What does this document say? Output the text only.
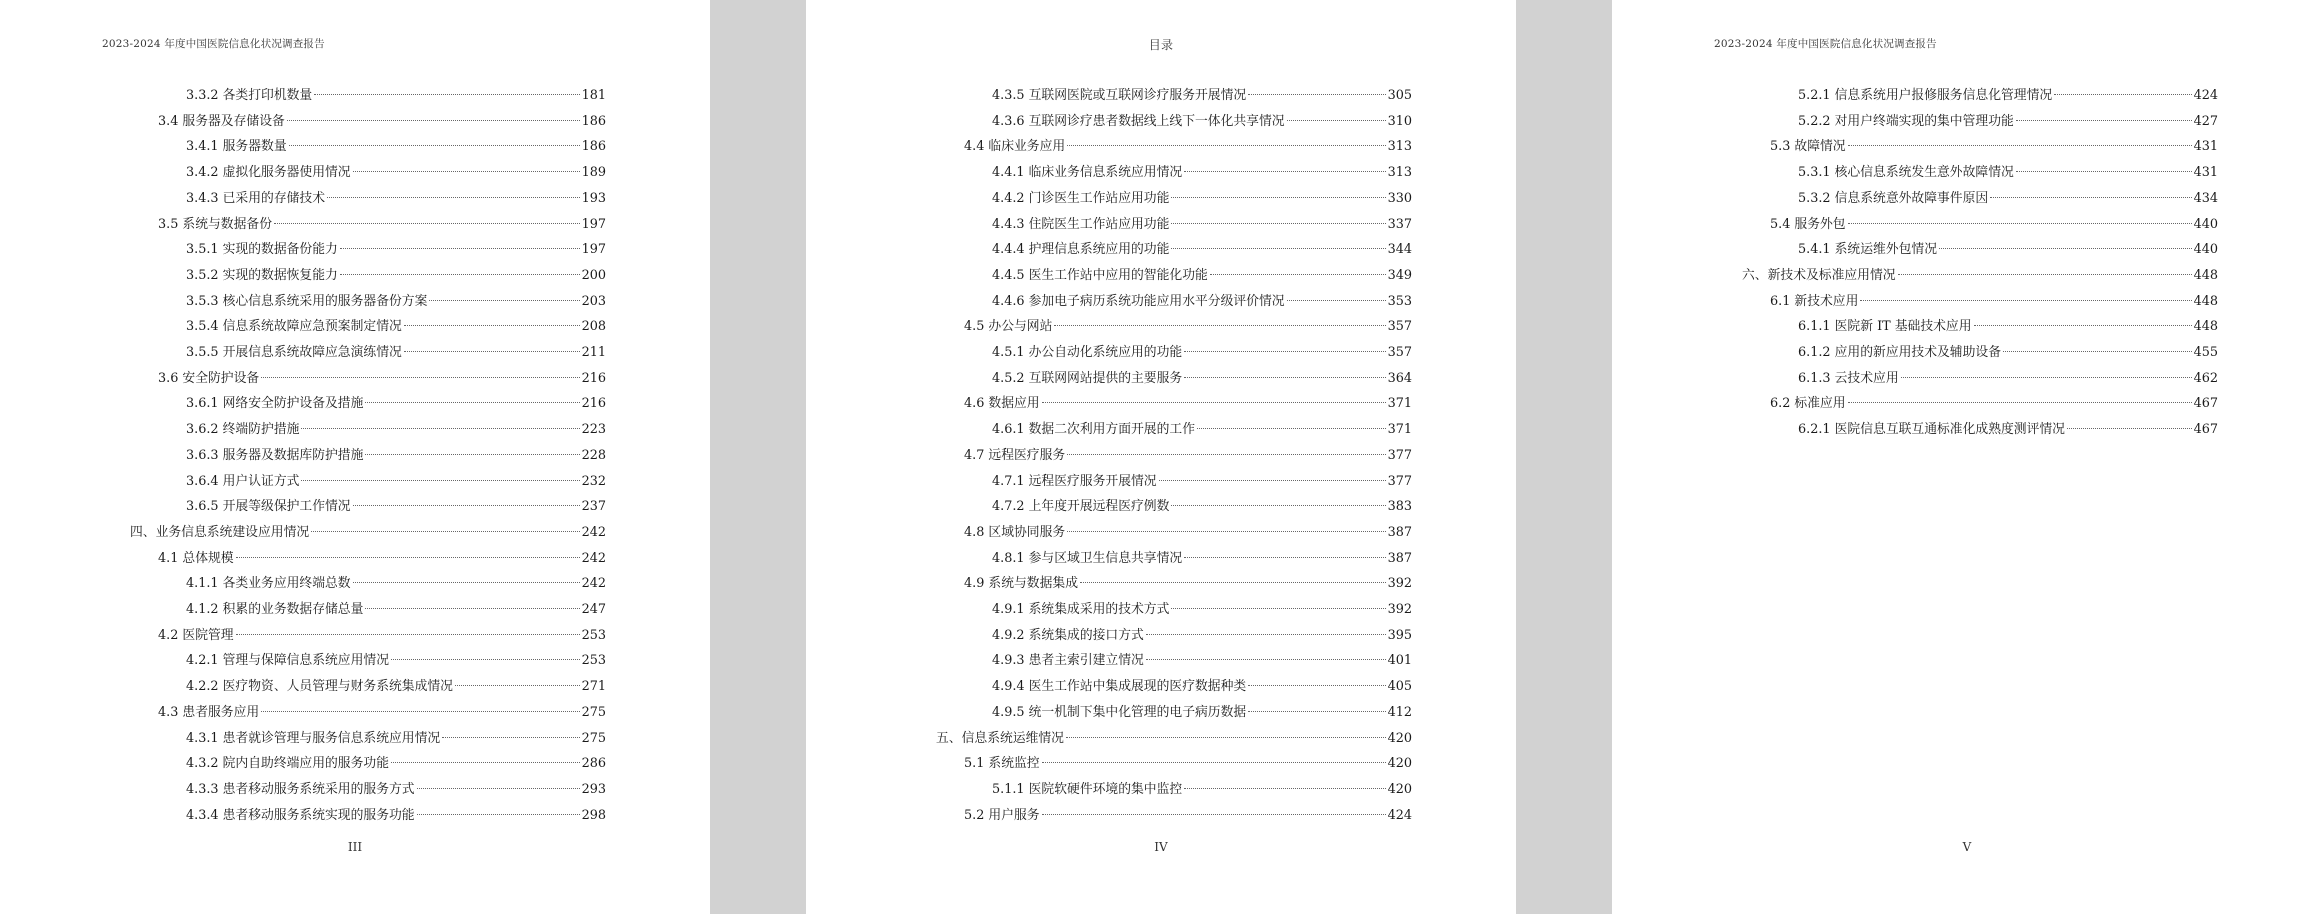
2023-2024 年度中国医院信息化状况调查报告
3.3.2 各类打印机数量	181
3.4 服务器及存储设备	186
3.4.1 服务器数量	186
3.4.2 虚拟化服务器使用情况	189
3.4.3 已采用的存储技术	193
3.5 系统与数据备份	197
3.5.1 实现的数据备份能力	197
3.5.2 实现的数据恢复能力	200
3.5.3 核心信息系统采用的服务器备份方案	203
3.5.4 信息系统故障应急预案制定情况	208
3.5.5 开展信息系统故障应急演练情况	211
3.6 安全防护设备	216
3.6.1 网络安全防护设备及措施	216
3.6.2 终端防护措施	223
3.6.3 服务器及数据库防护措施	228
3.6.4 用户认证方式	232
3.6.5 开展等级保护工作情况	237
四、业务信息系统建设应用情况	242
4.1 总体规模	242
4.1.1 各类业务应用终端总数	242
4.1.2 积累的业务数据存储总量	247
4.2 医院管理	253
4.2.1 管理与保障信息系统应用情况	253
4.2.2 医疗物资、人员管理与财务系统集成情况	271
4.3 患者服务应用	275
4.3.1 患者就诊管理与服务信息系统应用情况	275
4.3.2 院内自助终端应用的服务功能	286
4.3.3 患者移动服务系统采用的服务方式	293
4.3.4 患者移动服务系统实现的服务功能	298
III
目录
4.3.5 互联网医院或互联网诊疗服务开展情况	305
4.3.6 互联网诊疗患者数据线上线下一体化共享情况	310
4.4 临床业务应用	313
4.4.1 临床业务信息系统应用情况	313
4.4.2 门诊医生工作站应用功能	330
4.4.3 住院医生工作站应用功能	337
4.4.4 护理信息系统应用的功能	344
4.4.5 医生工作站中应用的智能化功能	349
4.4.6 参加电子病历系统功能应用水平分级评价情况	353
4.5 办公与网站	357
4.5.1 办公自动化系统应用的功能	357
4.5.2 互联网网站提供的主要服务	364
4.6 数据应用	371
4.6.1 数据二次利用方面开展的工作	371
4.7 远程医疗服务	377
4.7.1 远程医疗服务开展情况	377
4.7.2 上年度开展远程医疗例数	383
4.8 区域协同服务	387
4.8.1 参与区域卫生信息共享情况	387
4.9 系统与数据集成	392
4.9.1 系统集成采用的技术方式	392
4.9.2 系统集成的接口方式	395
4.9.3 患者主索引建立情况	401
4.9.4 医生工作站中集成展现的医疗数据种类	405
4.9.5 统一机制下集中化管理的电子病历数据	412
五、信息系统运维情况	420
5.1 系统监控	420
5.1.1 医院软硬件环境的集中监控	420
5.2 用户服务	424
IV
2023-2024 年度中国医院信息化状况调查报告
5.2.1 信息系统用户报修服务信息化管理情况	424
5.2.2 对用户终端实现的集中管理功能	427
5.3 故障情况	431
5.3.1 核心信息系统发生意外故障情况	431
5.3.2 信息系统意外故障事件原因	434
5.4 服务外包	440
5.4.1 系统运维外包情况	440
六、新技术及标准应用情况	448
6.1 新技术应用	448
6.1.1 医院新 IT 基础技术应用	448
6.1.2 应用的新应用技术及辅助设备	455
6.1.3 云技术应用	462
6.2 标准应用	467
6.2.1 医院信息互联互通标准化成熟度测评情况	467
V
